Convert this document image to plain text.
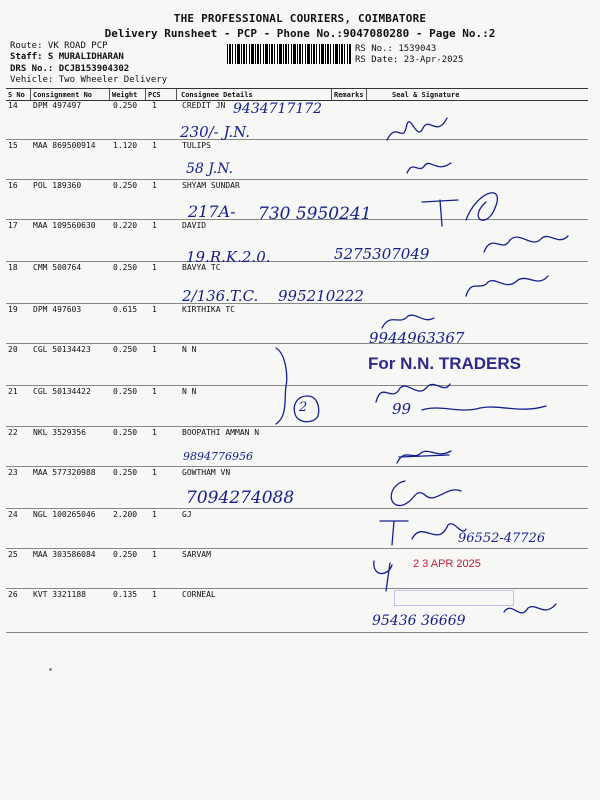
THE PROFESSIONAL COURIERS, COIMBATORE
Delivery Runsheet - PCP - Phone No.:9047080280 - Page No.:2
Route: VK ROAD PCP
Staff: S MURALIDHARAN
DRS No.: DCJB153904302
Vehicle: Two Wheeler Delivery
RS No.: 1539043
RS Date: 23-Apr-2025
S No Consignment No	Weight PCS	Consignee Details	Remarks	Seal & Signature
14 DPM 497497	0.250 1	CREDIT JN
15 MAA 869500914 1.120 1	TULIPS
16 POL 189360	0.250 1	SHYAM SUNDAR
17 MAA 109560630 0.220 1	DAVID
18 CMM 500764	0.250 1	BAVYA TC
19 DPM 497603	0.615 1	KIRTHIKA TC
20 CGL 50134423	0.250 1	N N
21 CGL 50134422	0.250 1	N N
22 NKL 3529356	0.250 1	BOOPATHI AMMAN N
23 MAA 577320988 0.250 1	GOWTHAM VN
24 NGL 100265046 2.200 1	GJ
25 MAA 303586084 0.250 1	SARVAM
26 KVT 3321188	0.135 1	CORNEAL
9434717172
230/- J.N.
58 J.N.
217A- 730 5950241
19.R.K.2.0.	5275307049
2/136.T.C. 995210222
9944963367
2	99
9894776956
7094274088
96552-47726
95436 36669
For N.N. TRADERS
2 3 APR 2025
